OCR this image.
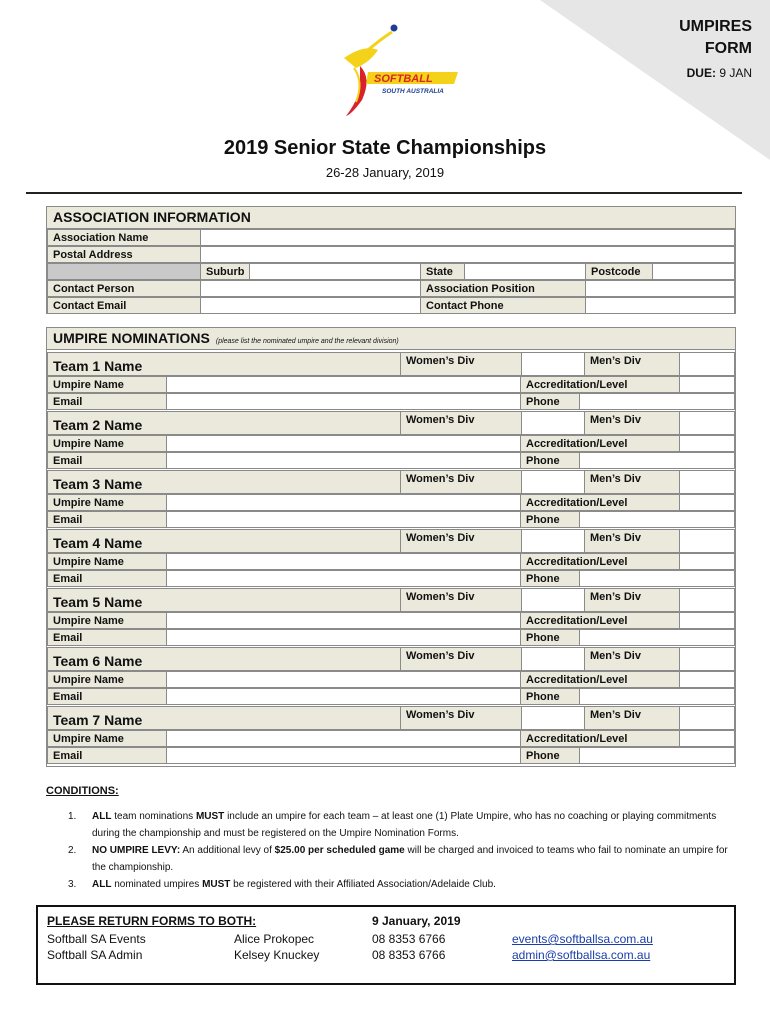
UMPIRES
FORM
DUE: 9 JAN
SOFTBALL
SOUTH AUSTRALIA
2019 Senior State Championships
26-28 January, 2019
ASSOCIATION INFORMATION
Association Name
Postal Address
Suburb	State	Postcode
Contact Person	Association Position
Contact Email	Contact Phone
UMPIRE NOMINATIONS (please list the nominated umpire and the relevant division)
Team 1 Name	Women’s Div	Men’s Div
Umpire Name	Accreditation/Level
Email	Phone
Team 2 Name	Women’s Div	Men’s Div
Umpire Name	Accreditation/Level
Email	Phone
Team 3 Name	Women’s Div	Men’s Div
Umpire Name	Accreditation/Level
Email	Phone
Team 4 Name	Women’s Div	Men’s Div
Umpire Name	Accreditation/Level
Email	Phone
Team 5 Name	Women’s Div	Men’s Div
Umpire Name	Accreditation/Level
Email	Phone
Team 6 Name	Women’s Div	Men’s Div
Umpire Name	Accreditation/Level
Email	Phone
Team 7 Name	Women’s Div	Men’s Div
Umpire Name	Accreditation/Level
Email	Phone
CONDITIONS:
1. ALL team nominations MUST include an umpire for each team – at least one (1) Plate Umpire, who has no coaching or playing commitments during the championship and must be registered on the Umpire Nomination Forms.
2. NO UMPIRE LEVY: An additional levy of $25.00 per scheduled game will be charged and invoiced to teams who fail to nominate an umpire for the championship.
3. ALL nominated umpires MUST be registered with their Affiliated Association/Adelaide Club.
PLEASE RETURN FORMS TO BOTH:	9 January, 2019
Softball SA Events	Alice Prokopec	08 8353 6766	events@softballsa.com.au
Softball SA Admin	Kelsey Knuckey	08 8353 6766	admin@softballsa.com.au
